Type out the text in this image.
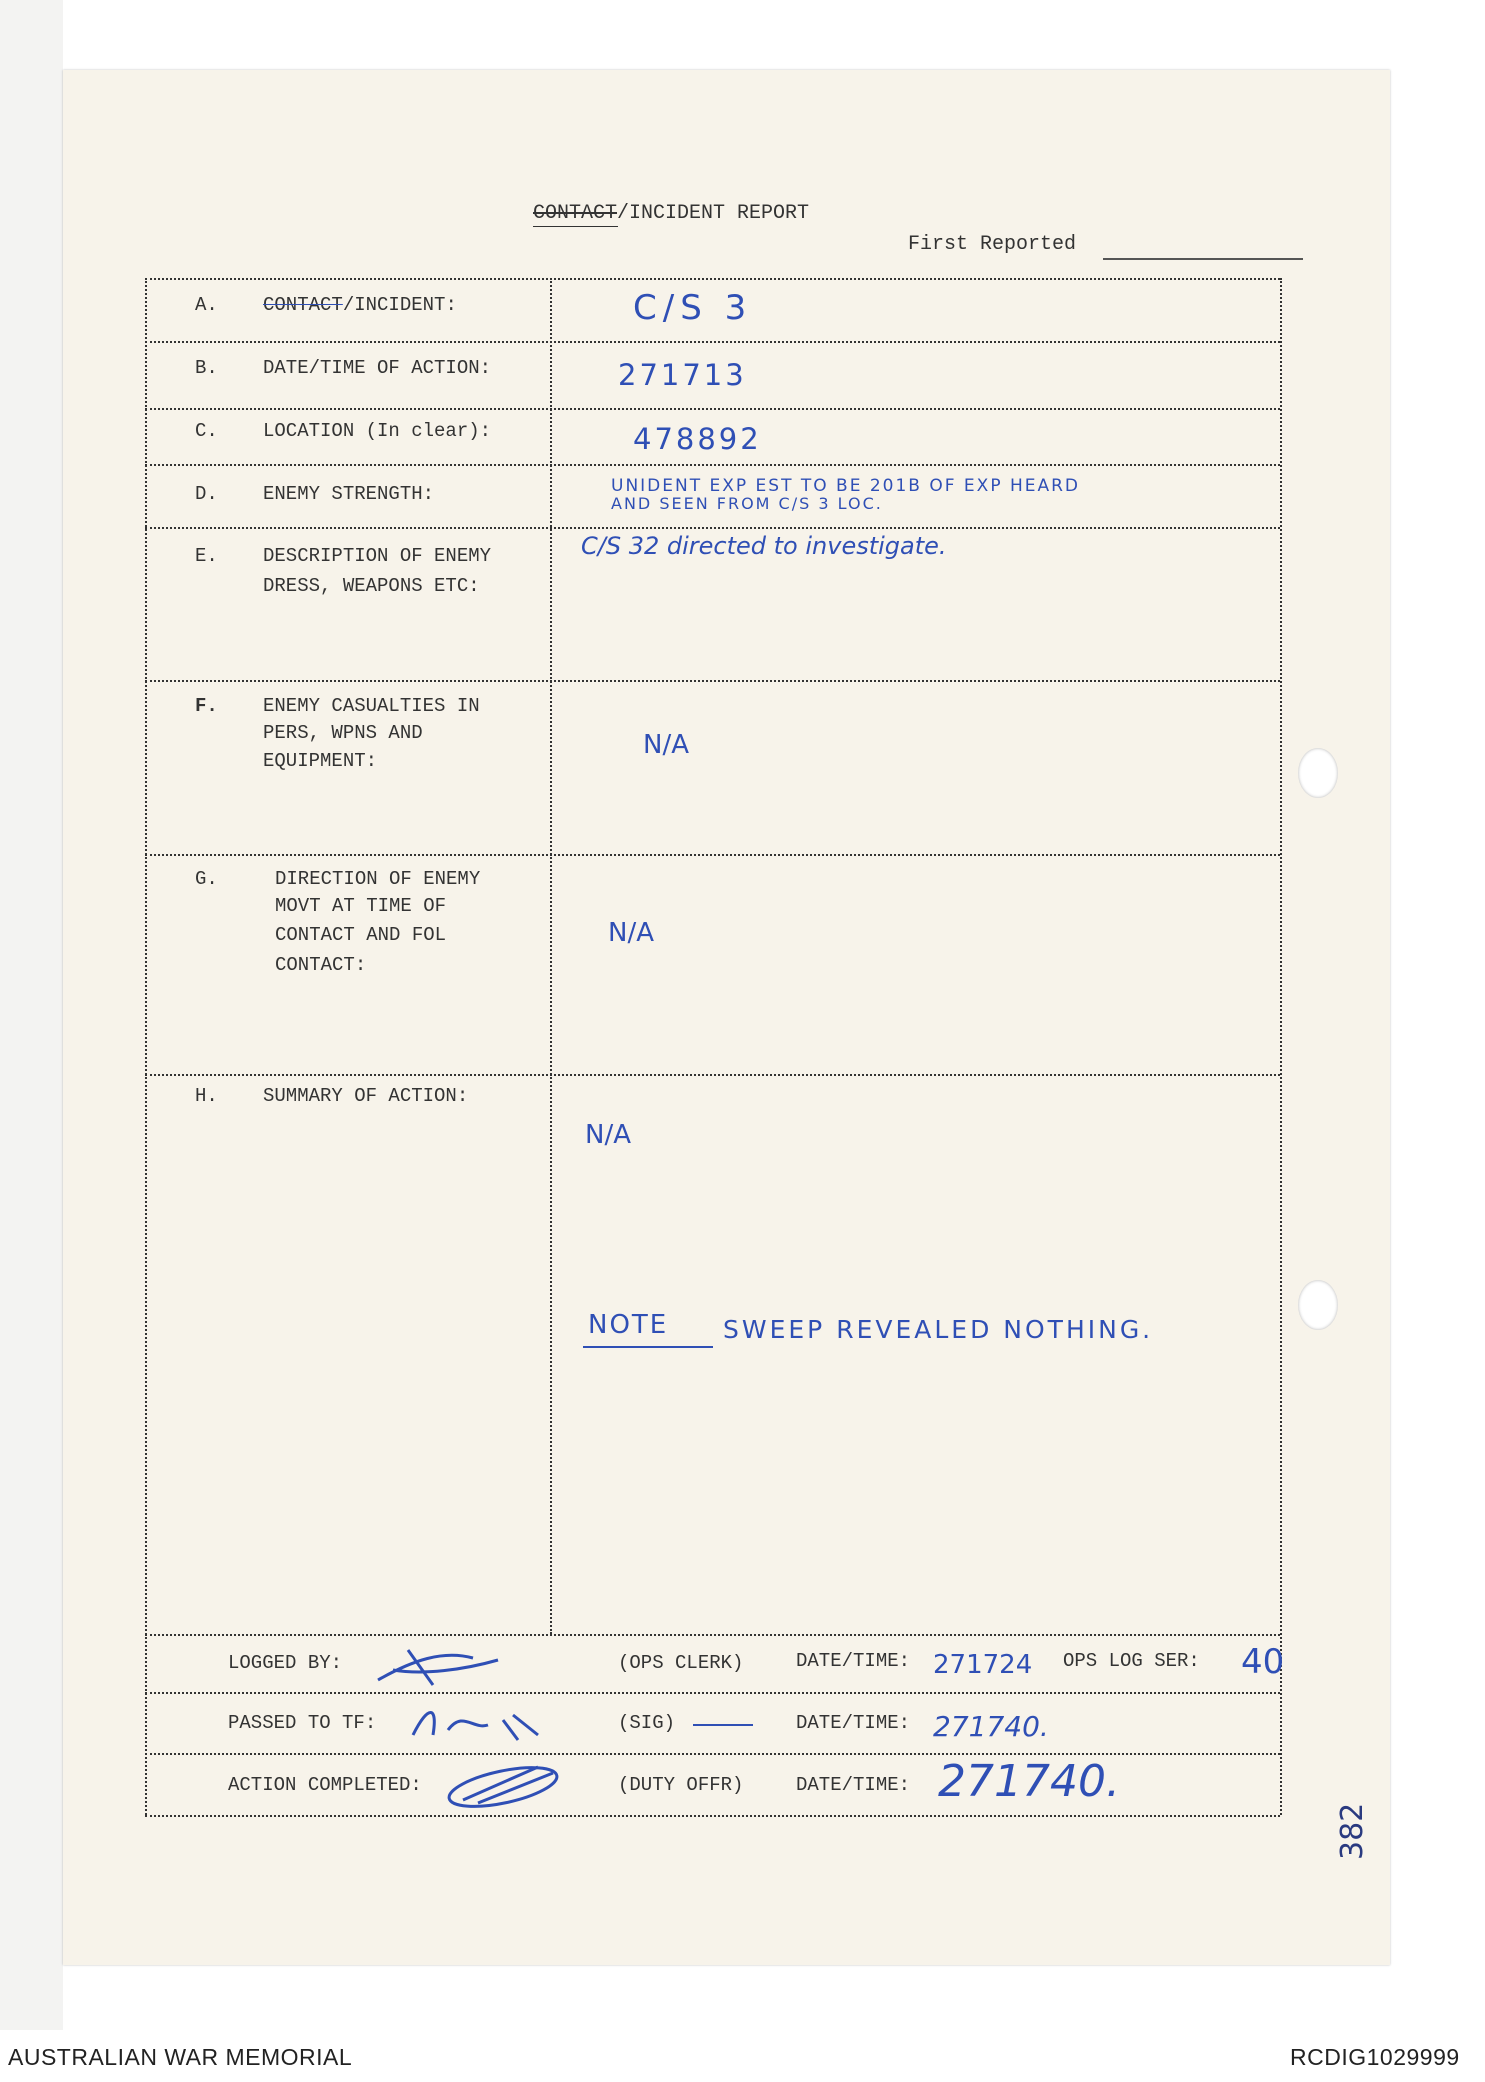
CONTACT/INCIDENT REPORT
First Reported
A. CONTACT/INCIDENT:	C/S 3
B. DATE/TIME OF ACTION:	271713
C. LOCATION (In clear):	478892
D. ENEMY STRENGTH:	UNIDENT EXP EST TO BE 201B OF EXP HEARD
AND SEEN FROM C/S 3 LOC.
E. DESCRIPTION OF ENEMY
DRESS, WEAPONS ETC:
C/S 32 directed to investigate.
F. ENEMY CASUALTIES IN
PERS, WPNS AND
EQUIPMENT:
N/A
G.	DIRECTION OF ENEMY
MOVT AT TIME OF
CONTACT AND FOL
CONTACT:
N/A
H. SUMMARY OF ACTION:
N/A
NOTE SWEEP REVEALED NOTHING.
LOGGED BY:	(OPS CLERK)	DATE/TIME: 271724 OPS LOG SER: 40
PASSED TO TF:	(SIG)	DATE/TIME: 271740.
ACTION COMPLETED:	(DUTY OFFR)	DATE/TIME: 271740.
382
AUSTRALIAN WAR MEMORIAL	RCDIG1029999
